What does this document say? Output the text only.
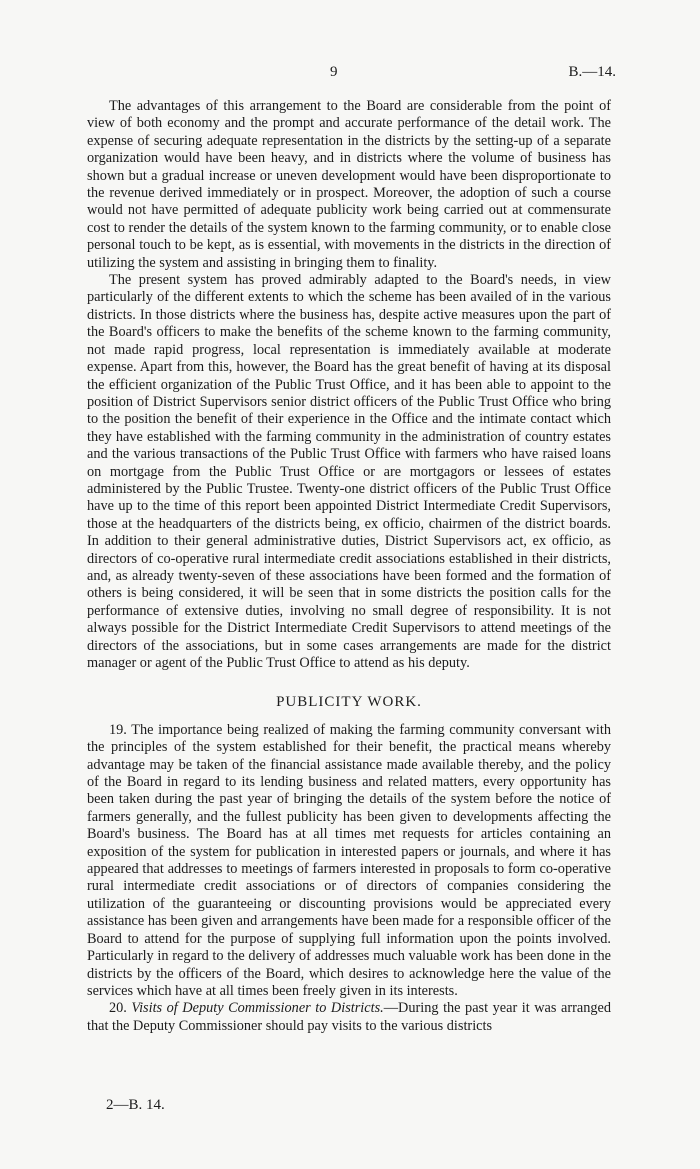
9	B.—14.

The advantages of this arrangement to the Board are considerable from the point of view of both economy and the prompt and accurate performance of the detail work. The expense of securing adequate representation in the districts by the setting-up of a separate organization would have been heavy, and in districts where the volume of business has shown but a gradual increase or uneven development would have been disproportionate to the revenue derived immediately or in prospect. Moreover, the adoption of such a course would not have permitted of adequate publicity work being carried out at commensurate cost to render the details of the system known to the farming community, or to enable close personal touch to be kept, as is essential, with movements in the districts in the direction of utilizing the system and assisting in bringing them to finality.

The present system has proved admirably adapted to the Board's needs, in view particularly of the different extents to which the scheme has been availed of in the various districts. In those districts where the business has, despite active measures upon the part of the Board's officers to make the benefits of the scheme known to the farming community, not made rapid progress, local representation is immediately available at moderate expense. Apart from this, however, the Board has the great benefit of having at its disposal the efficient organization of the Public Trust Office, and it has been able to appoint to the position of District Supervisors senior district officers of the Public Trust Office who bring to the position the benefit of their experience in the Office and the intimate contact which they have established with the farming community in the administration of country estates and the various transactions of the Public Trust Office with farmers who have raised loans on mortgage from the Public Trust Office or are mortgagors or lessees of estates administered by the Public Trustee. Twenty-one district officers of the Public Trust Office have up to the time of this report been appointed District Intermediate Credit Supervisors, those at the headquarters of the districts being, ex officio, chairmen of the district boards. In addition to their general administrative duties, District Supervisors act, ex officio, as directors of co-operative rural intermediate credit associations established in their districts, and, as already twenty-seven of these associations have been formed and the formation of others is being considered, it will be seen that in some districts the position calls for the performance of extensive duties, involving no small degree of responsibility. It is not always possible for the District Intermediate Credit Supervisors to attend meetings of the directors of the associations, but in some cases arrangements are made for the district manager or agent of the Public Trust Office to attend as his deputy.

PUBLICITY WORK.

19. The importance being realized of making the farming community conversant with the principles of the system established for their benefit, the practical means whereby advantage may be taken of the financial assistance made available thereby, and the policy of the Board in regard to its lending business and related matters, every opportunity has been taken during the past year of bringing the details of the system before the notice of farmers generally, and the fullest publicity has been given to developments affecting the Board's business. The Board has at all times met requests for articles containing an exposition of the system for publication in interested papers or journals, and where it has appeared that addresses to meetings of farmers interested in proposals to form co-operative rural intermediate credit associations or of directors of companies considering the utilization of the guaranteeing or discounting provisions would be appreciated every assistance has been given and arrangements have been made for a responsible officer of the Board to attend for the purpose of supplying full information upon the points involved. Particularly in regard to the delivery of addresses much valuable work has been done in the districts by the officers of the Board, which desires to acknowledge here the value of the services which have at all times been freely given in its interests.

20. Visits of Deputy Commissioner to Districts.—During the past year it was arranged that the Deputy Commissioner should pay visits to the various districts

2—B. 14.
